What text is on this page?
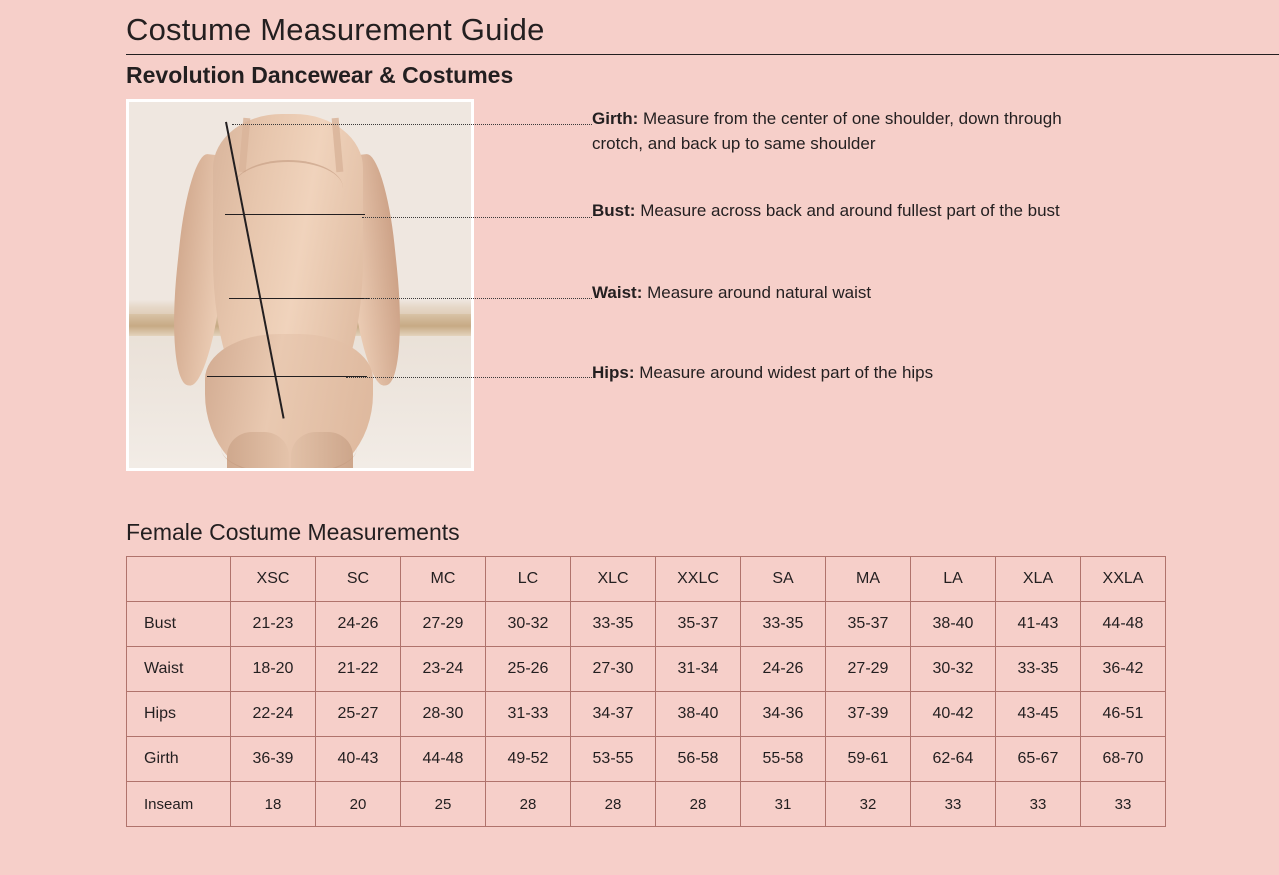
Costume Measurement Guide
Revolution Dancewear & Costumes
Girth: Measure from the center of one shoulder, down through crotch, and back up to same shoulder
Bust: Measure across back and around fullest part of the bust
Waist: Measure around natural waist
Hips: Measure around widest part of the hips
Female Costume Measurements
	XSC	SC	MC	LC	XLC	XXLC	SA	MA	LA	XLA	XXLA
Bust	21-23	24-26	27-29	30-32	33-35	35-37	33-35	35-37	38-40	41-43	44-48
Waist	18-20	21-22	23-24	25-26	27-30	31-34	24-26	27-29	30-32	33-35	36-42
Hips	22-24	25-27	28-30	31-33	34-37	38-40	34-36	37-39	40-42	43-45	46-51
Girth	36-39	40-43	44-48	49-52	53-55	56-58	55-58	59-61	62-64	65-67	68-70
Inseam	18	20	25	28	28	28	31	32	33	33	33
